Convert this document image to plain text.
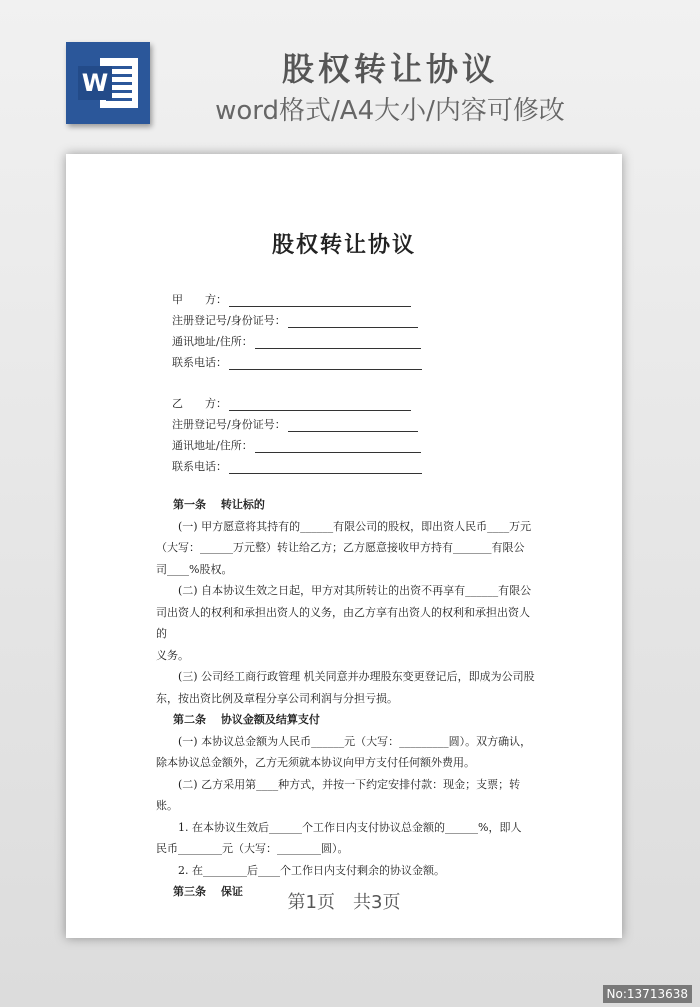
W	股权转让协议
word格式/A4大小/内容可修改
股权转让协议
甲　　方：
注册登记号/身份证号：
通讯地址/住所：
联系电话：
乙　　方：
注册登记号/身份证号：
通讯地址/住所：
联系电话：

第一条　 转让标的

(一) 甲方愿意将其持有的______有限公司的股权，即出资人民币____万元

（大写：______万元整）转让给乙方；乙方愿意接收甲方持有_______有限公

司____%股权。

(二) 自本协议生效之日起，甲方对其所转让的出资不再享有______有限公

司出资人的权利和承担出资人的义务，由乙方享有出资人的权利和承担出资人的

义务。

(三) 公司经工商行政管理 机关同意并办理股东变更登记后，即成为公司股

东，按出资比例及章程分享公司利润与分担亏损。

第二条　 协议金额及结算支付

(一) 本协议总金额为人民币______元（大写：_________圆）。双方确认，

除本协议总金额外，乙方无须就本协议向甲方支付任何额外费用。

(二) 乙方采用第____种方式，并按一下约定安排付款：现金；支票；转账。

1. 在本协议生效后______个工作日内支付协议总金额的______%，即人

民币________元（大写：________圆）。

2. 在________后____个工作日内支付剩余的协议金额。

第三条　 保证

第1页　共3页
No:13713638
